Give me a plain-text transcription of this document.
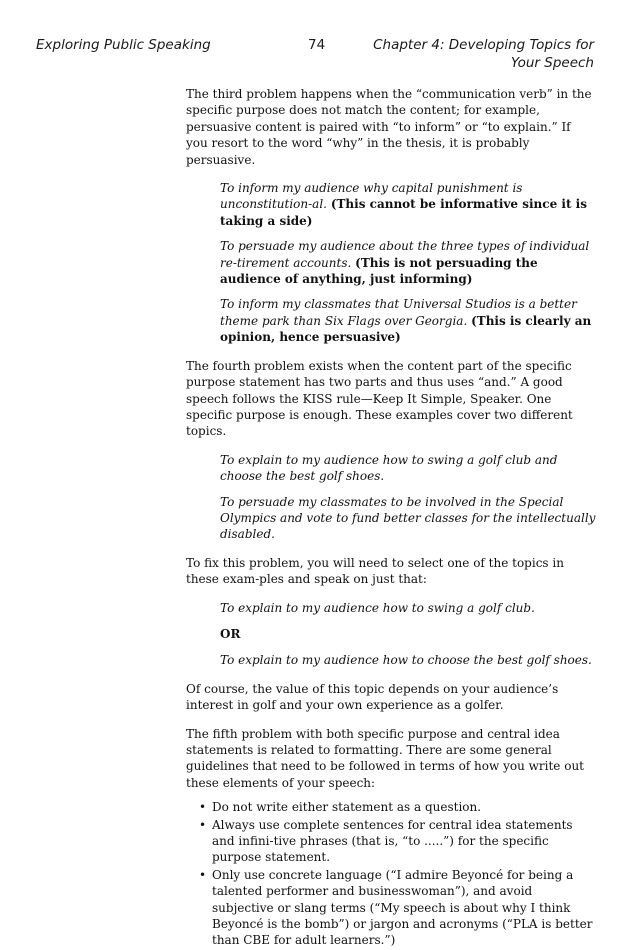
Exploring Public Speaking	74	Chapter 4: Developing Topics for Your Speech

The third problem happens when the “communication verb” in the specific purpose does not match the content; for example, persuasive content is paired with “to inform” or “to explain.” If you resort to the word “why” in the thesis, it is probably persuasive.

To inform my audience why capital punishment is unconstitution-al. (This cannot be informative since it is taking a side)
To persuade my audience about the three types of individual re-tirement accounts. (This is not persuading the audience of anything, just informing)
To inform my classmates that Universal Studios is a better theme park than Six Flags over Georgia. (This is clearly an opinion, hence persuasive)

The fourth problem exists when the content part of the specific purpose statement has two parts and thus uses “and.” A good speech follows the KISS rule—Keep It Simple, Speaker. One specific purpose is enough. These examples cover two different topics.

To explain to my audience how to swing a golf club and choose the best golf shoes.
To persuade my classmates to be involved in the Special Olympics and vote to fund better classes for the intellectually disabled.

To fix this problem, you will need to select one of the topics in these exam-ples and speak on just that:

To explain to my audience how to swing a golf club.
OR
To explain to my audience how to choose the best golf shoes.

Of course, the value of this topic depends on your audience’s interest in golf and your own experience as a golfer.

The fifth problem with both specific purpose and central idea statements is related to formatting. There are some general guidelines that need to be followed in terms of how you write out these elements of your speech:

• Do not write either statement as a question.
• Always use complete sentences for central idea statements and infini-tive phrases (that is, “to .....”) for the specific purpose statement.
• Only use concrete language (“I admire Beyoncé for being a talented performer and businesswoman”), and avoid subjective or slang terms (“My speech is about why I think Beyoncé is the bomb”) or jargon and acronyms (“PLA is better than CBE for adult learners.”)
